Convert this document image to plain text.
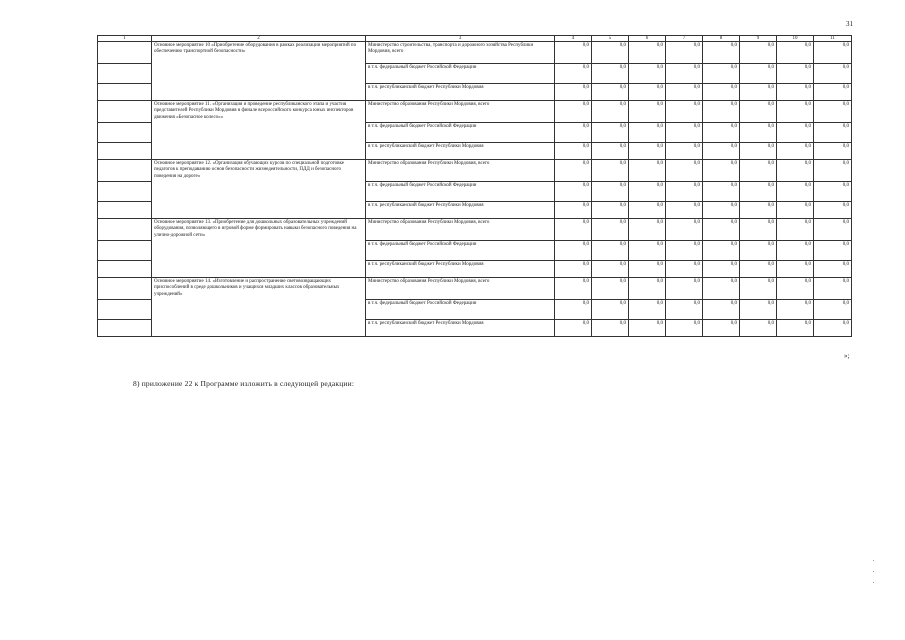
31
1	2	3	4	5	6	7	8	9	10	11
	Основное мероприятие 10 «Приобретение оборудования в рамках реализации мероприятий по обеспечению транспортной безопасности»	Министерство строительства, транспорта и дорожного хозяйства Республики Мордовия, всего	0,0	0,0	0,0	0,0	0,0	0,0	0,0	0,0
		в т.ч. федеральный бюджет Российской Федерации	0,0	0,0	0,0	0,0	0,0	0,0	0,0	0,0
		в т.ч. республиканский бюджет Республики Мордовия	0,0	0,0	0,0	0,0	0,0	0,0	0,0	0,0
	Основное мероприятие 11. «Организация и проведение республиканского этапа и участия представителей Республики Мордовия в финале всероссийского конкурса юных инспекторов движения «Безопасное колесо»»	Министерство образования Республики Мордовия, всего	0,0	0,0	0,0	0,0	0,0	0,0	0,0	0,0
		в т.ч. федеральный бюджет Российской Федерации	0,0	0,0	0,0	0,0	0,0	0,0	0,0	0,0
		в т.ч. республиканский бюджет Республики Мордовия	0,0	0,0	0,0	0,0	0,0	0,0	0,0	0,0
	Основное мероприятие 12. «Организация обучающих курсов по специальной подготовке педагогов к преподаванию основ безопасности жизнедеятельности, ПДД и безопасного поведения на дороге»	Министерство образования Республики Мордовия, всего	0,0	0,0	0,0	0,0	0,0	0,0	0,0	0,0
		в т.ч. федеральный бюджет Российской Федерации	0,0	0,0	0,0	0,0	0,0	0,0	0,0	0,0
		в т.ч. республиканский бюджет Республики Мордовия	0,0	0,0	0,0	0,0	0,0	0,0	0,0	0,0
	Основное мероприятие 13. «Приобретение для дошкольных образовательных учреждений оборудования, позволяющего в игровой форме формировать навыки безопасного поведения на улично-дорожной сети»	Министерство образования Республики Мордовия, всего	0,0	0,0	0,0	0,0	0,0	0,0	0,0	0,0
		в т.ч. федеральный бюджет Российской Федерации	0,0	0,0	0,0	0,0	0,0	0,0	0,0	0,0
		в т.ч. республиканский бюджет Республики Мордовия	0,0	0,0	0,0	0,0	0,0	0,0	0,0	0,0
	Основное мероприятие 14. «Изготовление и распространение световозвращающих приспособлений в среде дошкольников и учащихся младших классов образовательных учреждений»	Министерство образования Республики Мордовия, всего	0,0	0,0	0,0	0,0	0,0	0,0	0,0	0,0
		в т.ч. федеральный бюджет Российской Федерации	0,0	0,0	0,0	0,0	0,0	0,0	0,0	0,0
		в т.ч. республиканский бюджет Республики Мордовия	0,0	0,0	0,0	0,0	0,0	0,0	0,0	0,0
»;
8) приложение 22 к Программе изложить в следующей редакции:
